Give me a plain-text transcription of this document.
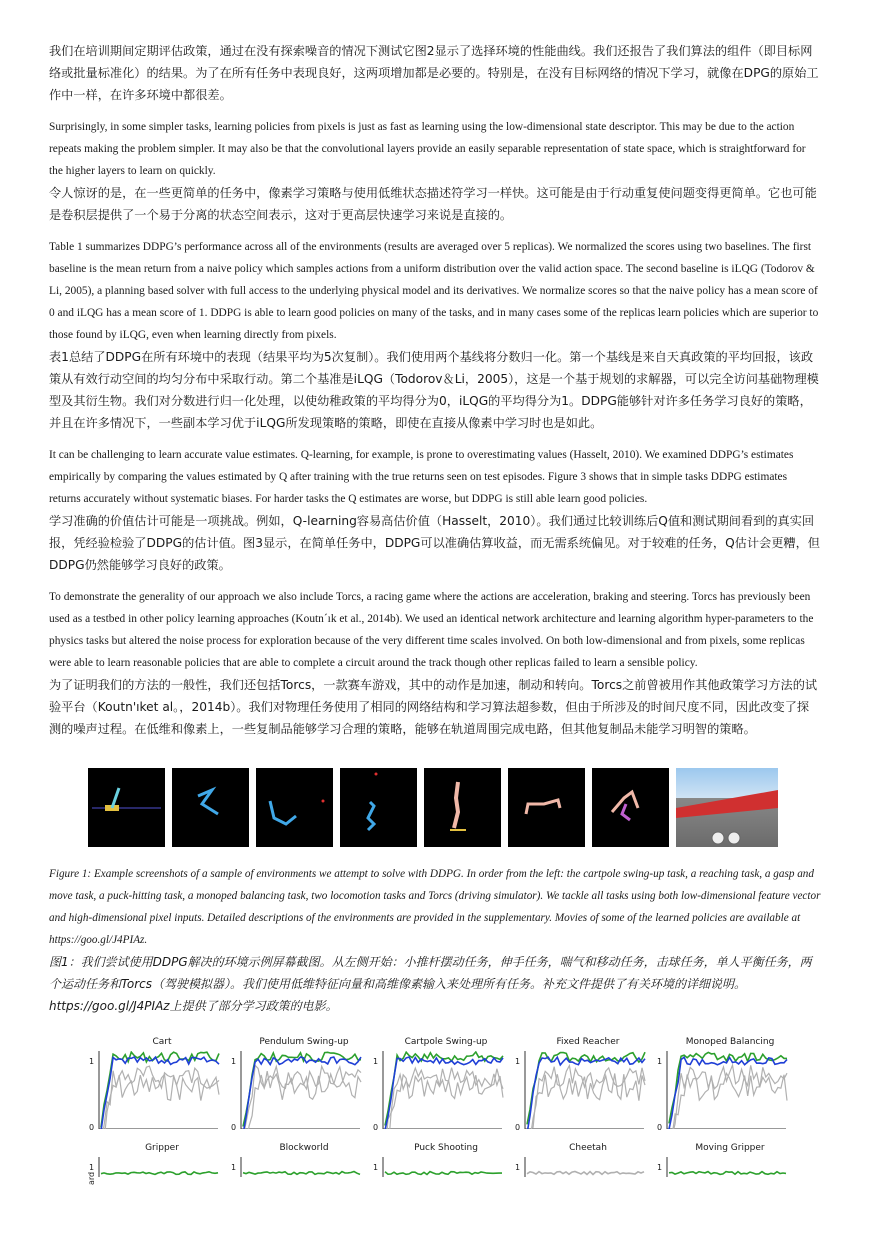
我们在培训期间定期评估政策，通过在没有探索噪音的情况下测试它图2显示了选择环境的性能曲线。我们还报告了我们算法的组件（即目标网络或批量标准化）的结果。为了在所有任务中表现良好，这两项增加都是必要的。特别是，在没有目标网络的情况下学习，就像在DPG的原始工作中一样，在许多环境中都很差。

Surprisingly, in some simpler tasks, learning policies from pixels is just as fast as learning using the low-dimensional state descriptor. This may be due to the action repeats making the problem simpler. It may also be that the convolutional layers provide an easily separable representation of state space, which is straightforward for the higher layers to learn on quickly.

令人惊讶的是，在一些更简单的任务中，像素学习策略与使用低维状态描述符学习一样快。这可能是由于行动重复使问题变得更简单。它也可能是卷积层提供了一个易于分离的状态空间表示，这对于更高层快速学习来说是直接的。

Table 1 summarizes DDPG’s performance across all of the environments (results are averaged over 5 replicas). We normalized the scores using two baselines. The first baseline is the mean return from a naive policy which samples actions from a uniform distribution over the valid action space. The second baseline is iLQG (Todorov & Li, 2005), a planning based solver with full access to the underlying physical model and its derivatives. We normalize scores so that the naive policy has a mean score of 0 and iLQG has a mean score of 1. DDPG is able to learn good policies on many of the tasks, and in many cases some of the replicas learn policies which are superior to those found by iLQG, even when learning directly from pixels.

表1总结了DDPG在所有环境中的表现（结果平均为5次复制）。我们使用两个基线将分数归一化。第一个基线是来自天真政策的平均回报，该政策从有效行动空间的均匀分布中采取行动。第二个基准是iLQG（Todorov＆Li，2005），这是一个基于规划的求解器，可以完全访问基础物理模型及其衍生物。我们对分数进行归一化处理，以使幼稚政策的平均得分为0，iLQG的平均得分为1。DDPG能够针对许多任务学习良好的策略，并且在许多情况下，一些副本学习优于iLQG所发现策略的策略，即使在直接从像素中学习时也是如此。

It can be challenging to learn accurate value estimates. Q-learning, for example, is prone to overestimating values (Hasselt, 2010). We examined DDPG’s estimates empirically by comparing the values estimated by Q after training with the true returns seen on test episodes. Figure 3 shows that in simple tasks DDPG estimates returns accurately without systematic biases. For harder tasks the Q estimates are worse, but DDPG is still able learn good policies.

学习准确的价值估计可能是一项挑战。例如，Q-learning容易高估价值（Hasselt，2010）。我们通过比较训练后Q值和测试期间看到的真实回报，凭经验检验了DDPG的估计值。图3显示，在简单任务中，DDPG可以准确估算收益，而无需系统偏见。对于较难的任务，Q估计会更糟，但DDPG仍然能够学习良好的政策。

To demonstrate the generality of our approach we also include Torcs, a racing game where the actions are acceleration, braking and steering. Torcs has previously been used as a testbed in other policy learning approaches (Koutn´ık et al., 2014b). We used an identical network architecture and learning algorithm hyper-parameters to the physics tasks but altered the noise process for exploration because of the very different time scales involved. On both low-dimensional and from pixels, some replicas were able to learn reasonable policies that are able to complete a circuit around the track though other replicas failed to learn a sensible policy.

为了证明我们的方法的一般性，我们还包括Torcs，一款赛车游戏，其中的动作是加速，制动和转向。Torcs之前曾被用作其他政策学习方法的试验平台（Koutn'ıket al。，2014b）。我们对物理任务使用了相同的网络结构和学习算法超参数，但由于所涉及的时间尺度不同，因此改变了探测的噪声过程。在低维和像素上，一些复制品能够学习合理的策略，能够在轨道周围完成电路，但其他复制品未能学习明智的策略。

Figure 1: Example screenshots of a sample of environments we attempt to solve with DDPG. In order from the left: the cartpole swing-up task, a reaching task, a gasp and move task, a puck-hitting task, a monoped balancing task, two locomotion tasks and Torcs (driving simulator). We tackle all tasks using both low-dimensional feature vector and high-dimensional pixel inputs. Detailed descriptions of the environments are provided in the supplementary. Movies of some of the learned policies are available at https://goo.gl/J4PIAz.

图1：我们尝试使用DDPG解决的环境示例屏幕截图。从左侧开始：小推杆摆动任务，伸手任务，喘气和移动任务，击球任务，单人平衡任务，两个运动任务和Torcs（驾驶模拟器）。我们使用低维特征向量和高维像素输入来处理所有任务。补充文件提供了有关环境的详细说明。https://goo.gl/J4PIAz上提供了部分学习政策的电影。

Cart
1
0
Pendulum Swing-up
1
0
Cartpole Swing-up
1
0
Fixed Reacher
1
0
Monoped Balancing
1
0
Gripper
1
Blockworld
1
Puck Shooting
1
Cheetah
1
Moving Gripper
1
ard
